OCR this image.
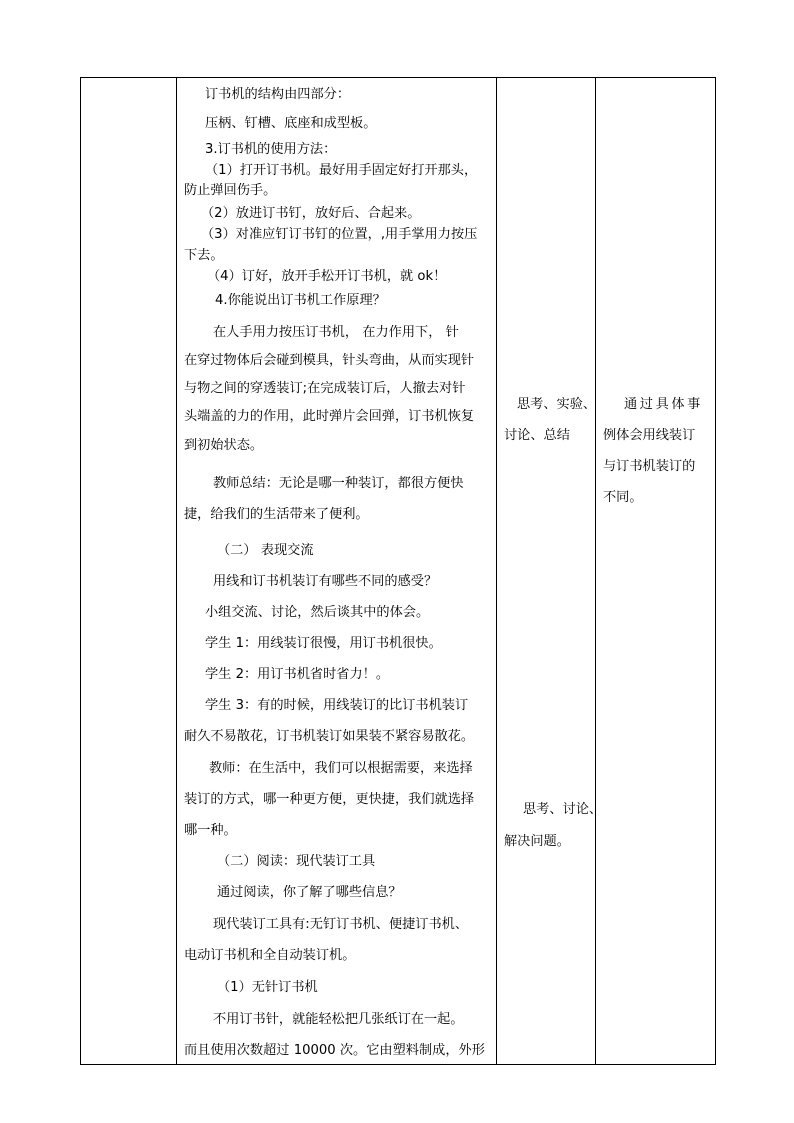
订书机的结构由四部分：
压柄、钉槽、底座和成型板。
3.订书机的使用方法：
（1）打开订书机。最好用手固定好打开那头，
防止弹回伤手。
（2）放进订书钉，放好后、合起来。
（3）对准应钉订书钉的位置，,用手掌用力按压
下去。
（4）订好，放开手松开订书机，就 ok！
4.你能说出订书机工作原理？
在人手用力按压订书机， 在力作用下， 针
在穿过物体后会碰到模具，针头弯曲，从而实现针
与物之间的穿透装订;在完成装订后，人撤去对针
头端盖的力的作用，此时弹片会回弹，订书机恢复
到初始状态。
教师总结：无论是哪一种装订，都很方便快
捷，给我们的生活带来了便利。
（二） 表现交流
用线和订书机装订有哪些不同的感受？
小组交流、讨论，然后谈其中的体会。
学生 1：用线装订很慢，用订书机很快。
学生 2：用订书机省时省力！。
学生 3：有的时候，用线装订的比订书机装订
耐久不易散花，订书机装订如果装不紧容易散花。
教师：在生活中，我们可以根据需要，来选择
装订的方式，哪一种更方便，更快捷，我们就选择
哪一种。
（二）阅读：现代装订工具
通过阅读，你了解了哪些信息？
现代装订工具有:无钉订书机、便捷订书机、
电动订书机和全自动装订机。
（1）无针订书机
不用订书针，就能轻松把几张纸订在一起。
而且使用次数超过 10000 次。它由塑料制成，外形

思考、实验、
讨论、总结
思考、讨论、
解决问题。

通过具体事
例体会用线装订
与订书机装订的
不同。
